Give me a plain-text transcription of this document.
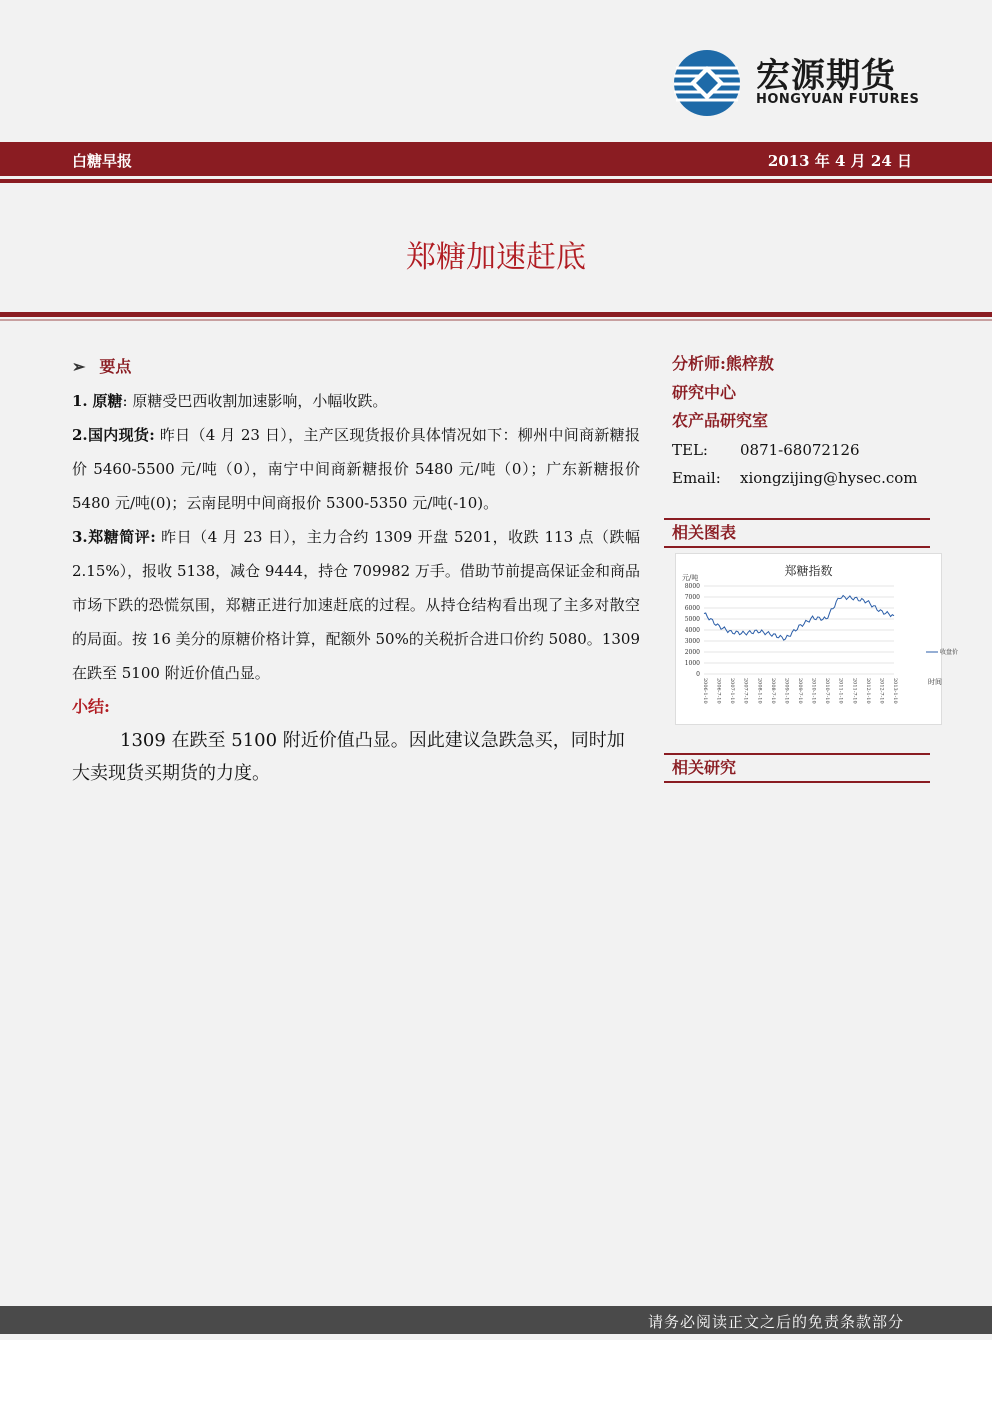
宏源期货
HONGYUAN FUTURES
白糖早报	2013 年 4 月 24 日
郑糖加速赶底
➢ 要点

1. 原糖: 原糖受巴西收割加速影响，小幅收跌。

2.国内现货: 昨日（4 月 23 日），主产区现货报价具体情况如下：柳州中间商新糖报价 5460-5500 元/吨（0），南宁中间商新糖报价 5480 元/吨（0）；广东新糖报价 5480 元/吨(0)；云南昆明中间商报价 5300-5350 元/吨(-10)。

3.郑糖简评: 昨日（4 月 23 日），主力合约 1309 开盘 5201，收跌 113 点（跌幅 2.15%），报收 5138，减仓 9444，持仓 709982 万手。借助节前提高保证金和商品市场下跌的恐慌氛围，郑糖正进行加速赶底的过程。从持仓结构看出现了主多对散空的局面。按 16 美分的原糖价格计算，配额外 50%的关税折合进口价约 5080。1309 在跌至 5100 附近价值凸显。

小结:

1309 在跌至 5100 附近价值凸显。因此建议急跌急买，同时加大卖现货买期货的力度。

分析师:熊梓敖
研究中心
农产品研究室
TEL: 0871-68072126
Email: xiongzijing@hysec.com
相关图表
郑糖指数
元/吨
0
1000
2000
3000
4000
5000
6000
7000
8000
2006-1-10 2006-7-10 2007-1-10 2007-7-10 2008-1-10 2008-7-10 2009-1-10 2009-7-10 2010-1-10 2010-7-10 2011-1-10 2011-7-10 2012-1-10 2012-7-10 2013-1-10
收盘价
时间
相关研究
请务必阅读正文之后的免责条款部分
